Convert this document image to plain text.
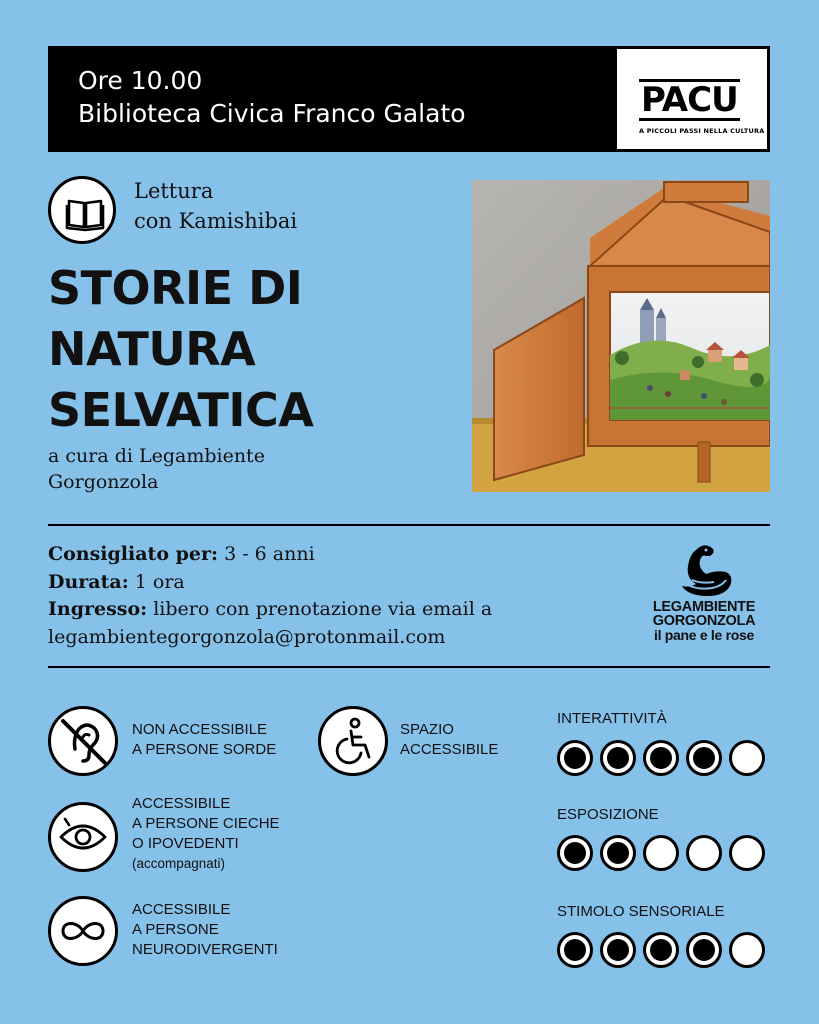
Ore 10.00
Biblioteca Civica Franco Galato	PACU
A PICCOLI PASSI NELLA CULTURA
Lettura
con Kamishibai
STORIE DI
NATURA
SELVATICA
a cura di Legambiente
Gorgonzola
Consigliato per: 3 - 6 anni
Durata: 1 ora
Ingresso: libero con prenotazione via email a
legambientegorgonzola@protonmail.com
LEGAMBIENTE
GORGONZOLA
il pane e le rose
NON ACCESSIBILE
A PERSONE SORDE
SPAZIO
ACCESSIBILE
ACCESSIBILE
A PERSONE CIECHE
O IPOVEDENTI
(accompagnati)
ACCESSIBILE
A PERSONE
NEURODIVERGENTI
INTERATTIVITÀ
ESPOSIZIONE
STIMOLO SENSORIALE
